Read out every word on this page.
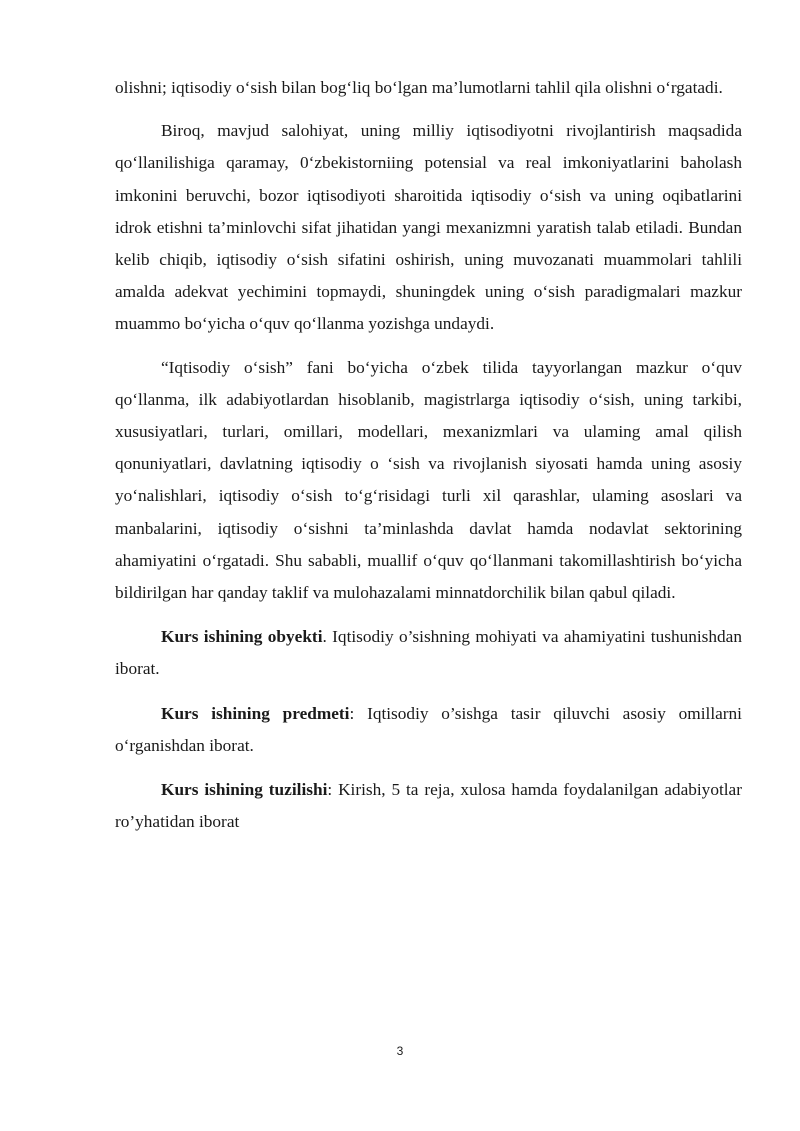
olishni; iqtisodiy o‘sish bilan bog‘liq bo‘lgan ma’lumotlarni tahlil qila olishni o‘rgatadi.

Biroq, mavjud salohiyat, uning milliy iqtisodiyotni rivojlantirish maqsadida qo‘llanilishiga qaramay, 0‘zbekistorniing potensial va real imkoniyatlarini baholash imkonini beruvchi, bozor iqtisodiyoti sharoitida iqtisodiy o‘sish va uning oqibatlarini idrok etishni ta’minlovchi sifat jihatidan yangi mexanizmni yaratish talab etiladi. Bundan kelib chiqib, iqtisodiy o‘sish sifatini oshirish, uning muvozanati muammolari tahlili amalda adekvat yechimini topmaydi, shuningdek uning o‘sish paradigmalari mazkur muammo bo‘yicha o‘quv qo‘llanma yozishga undaydi.

“Iqtisodiy o‘sish” fani bo‘yicha o‘zbek tilida tayyorlangan mazkur o‘quv qo‘llanma, ilk adabiyotlardan hisoblanib, magistrlarga iqtisodiy o‘sish, uning tarkibi, xususiyatlari, turlari, omillari, modellari, mexanizmlari va ulaming amal qilish qonuniyatlari, davlatning iqtisodiy o ‘sish va rivojlanish siyosati hamda uning asosiy yo‘nalishlari, iqtisodiy o‘sish to‘g‘risidagi turli xil qarashlar, ulaming asoslari va manbalarini, iqtisodiy o‘sishni ta’minlashda davlat hamda nodavlat sektorining ahamiyatini o‘rgatadi. Shu sababli, muallif o‘quv qo‘llanmani takomillashtirish bo‘yicha bildirilgan har qanday taklif va mulohazalami minnatdorchilik bilan qabul qiladi.

Kurs ishining obyekti. Iqtisodiy o’sishning mohiyati va ahamiyatini tushunishdan iborat.

Kurs ishining predmeti: Iqtisodiy o’sishga tasir qiluvchi asosiy omillarni o‘rganishdan iborat.

Kurs ishining tuzilishi: Kirish, 5 ta reja, xulosa hamda foydalanilgan adabiyotlar ro’yhatidan iborat

3
